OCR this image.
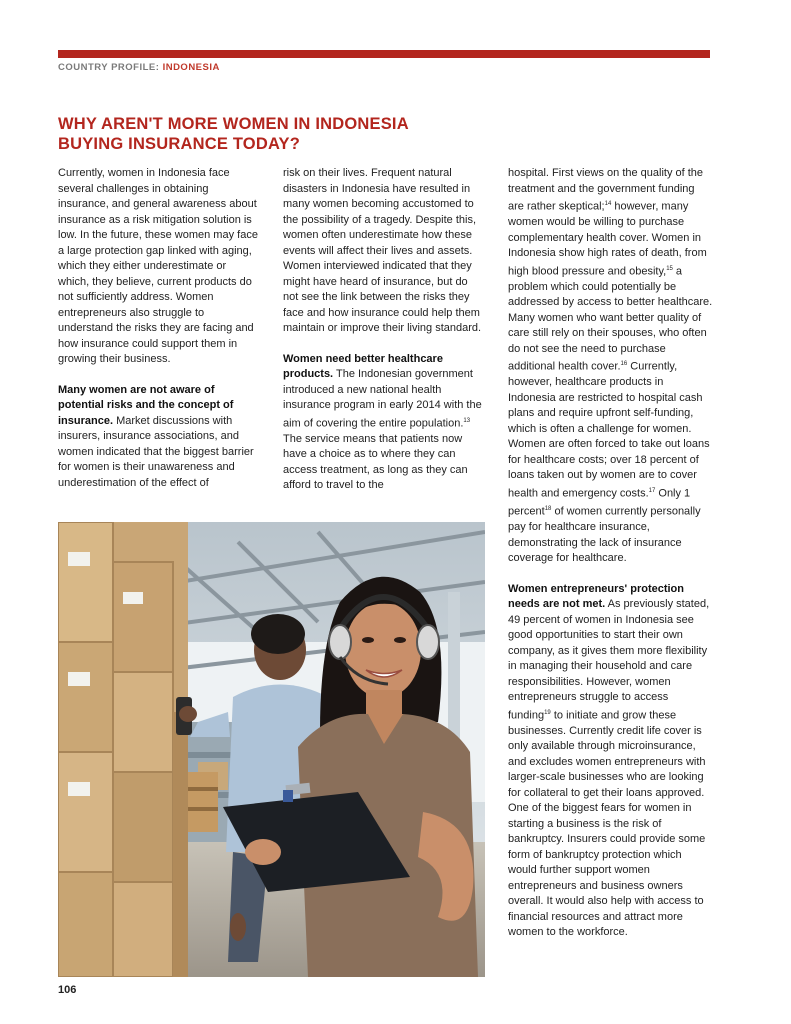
COUNTRY PROFILE: INDONESIA
WHY AREN'T MORE WOMEN IN INDONESIA
BUYING INSURANCE TODAY?

Currently, women in Indonesia face several challenges in obtaining insurance, and general awareness about insurance as a risk mitigation solution is low. In the future, these women may face a large protection gap linked with aging, which they either underestimate or which, they believe, current products do not sufficiently address. Women entrepreneurs also struggle to understand the risks they are facing and how insurance could support them in growing their business.

Many women are not aware of potential risks and the concept of insurance. Market discussions with insurers, insurance associations, and women indicated that the biggest barrier for women is their unawareness and underestimation of the effect of

risk on their lives. Frequent natural disasters in Indonesia have resulted in many women becoming accustomed to the possibility of a tragedy. Despite this, women often underestimate how these events will affect their lives and assets. Women interviewed indicated that they might have heard of insurance, but do not see the link between the risks they face and how insurance could help them maintain or improve their living standard.

Women need better healthcare products. The Indonesian government introduced a new national health insurance program in early 2014 with the aim of covering the entire population.$^{13}$ The service means that patients now have a choice as to where they can access treatment, as long as they can afford to travel to the

hospital. First views on the quality of the treatment and the government funding are rather skeptical;$^{14}$ however, many women would be willing to purchase complementary health cover. Women in Indonesia show high rates of death, from high blood pressure and obesity,$^{15}$ a problem which could potentially be addressed by access to better healthcare. Many women who want better quality of care still rely on their spouses, who often do not see the need to purchase additional health cover.$^{16}$ Currently, however, healthcare products in Indonesia are restricted to hospital cash plans and require upfront self-funding, which is often a challenge for women. Women are often forced to take out loans for healthcare costs; over 18 percent of loans taken out by women are to cover health and emergency costs.$^{17}$ Only 1 percent$^{18}$ of women currently personally pay for healthcare insurance, demonstrating the lack of insurance coverage for healthcare.

Women entrepreneurs' protection needs are not met. As previously stated, 49 percent of women in Indonesia see good opportunities to start their own company, as it gives them more flexibility in managing their household and care responsibilities. However, women entrepreneurs struggle to access funding$^{19}$ to initiate and grow these businesses. Currently credit life cover is only available through microinsurance, and excludes women entrepreneurs with larger-scale businesses who are looking for collateral to get their loans approved. One of the biggest fears for women in starting a business is the risk of bankruptcy. Insurers could provide some form of bankruptcy protection which would further support women entrepreneurs and business owners overall. It would also help with access to financial resources and attract more women to the workforce.

106
